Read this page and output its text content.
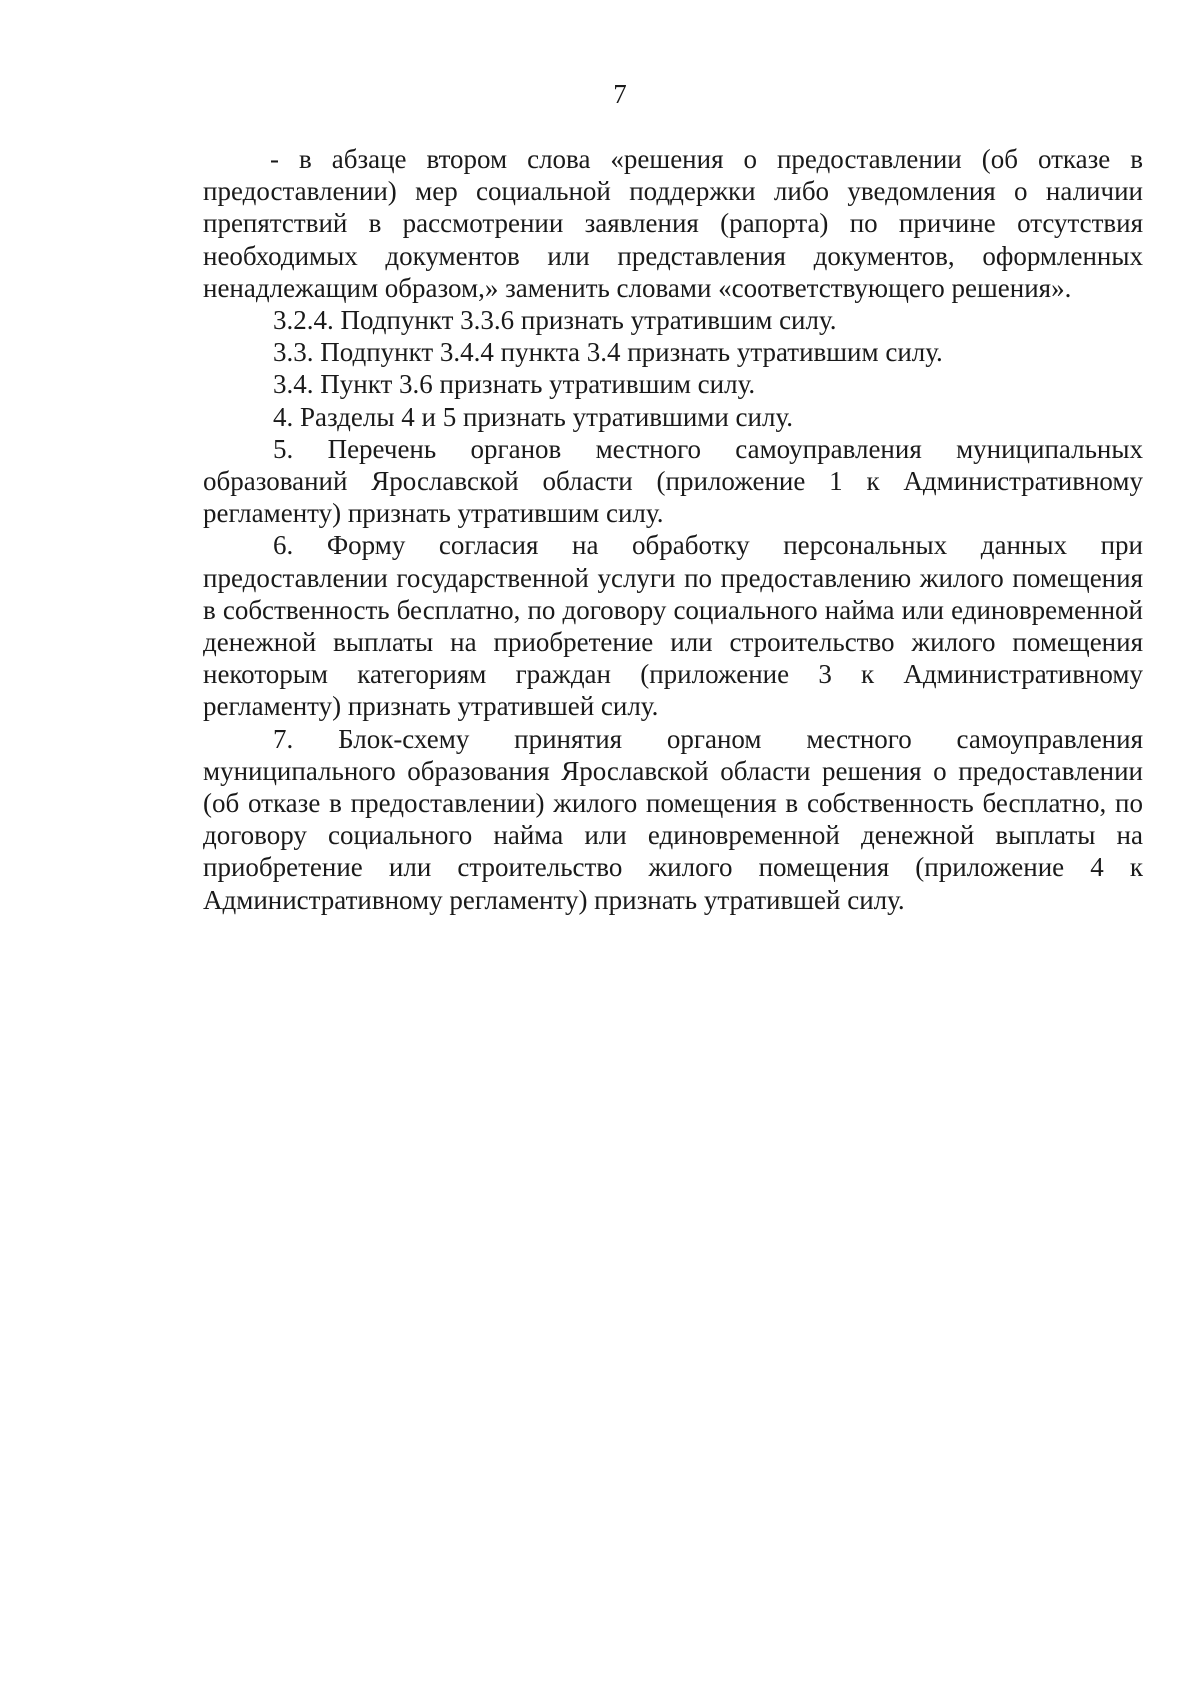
7

- в абзаце втором слова «решения о предоставлении (об отказе в предоставлении) мер социальной поддержки либо уведомления о наличии препятствий в рассмотрении заявления (рапорта) по причине отсутствия необходимых документов или представления документов, оформленных ненадлежащим образом,» заменить словами «соответствующего решения».

3.2.4. Подпункт 3.3.6 признать утратившим силу.

3.3. Подпункт 3.4.4 пункта 3.4 признать утратившим силу.

3.4. Пункт 3.6 признать утратившим силу.

4. Разделы 4 и 5 признать утратившими силу.

5. Перечень органов местного самоуправления муниципальных образований Ярославской области (приложение 1 к Административному регламенту) признать утратившим силу.

6. Форму согласия на обработку персональных данных при предоставлении государственной услуги по предоставлению жилого помещения в собственность бесплатно, по договору социального найма или единовременной денежной выплаты на приобретение или строительство жилого помещения некоторым категориям граждан (приложение 3 к Административному регламенту) признать утратившей силу.

7. Блок-схему принятия органом местного самоуправления муниципального образования Ярославской области решения о предоставлении (об отказе в предоставлении) жилого помещения в собственность бесплатно, по договору социального найма или единовременной денежной выплаты на приобретение или строительство жилого помещения (приложение 4 к Административному регламенту) признать утратившей силу.
